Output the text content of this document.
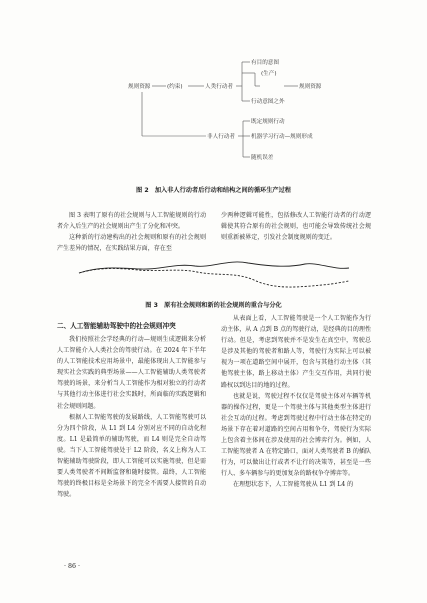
规则资源	(约束)	人类行动者
有目的意图
(生产)
规则资源
行动意图之外
非人行动者
既定规则行动
机器学习行动—规则形成
随机误差
图 2　加入非人行动者后行动和结构之间的循环生产过程

图 3 表明了原有的社会规则与人工智能规则的行动者介入后生产的社会规则出产生了分化和冲突。

这种新的行动建构出的社会规则和原有的社会规则产生差异的情况，在实践结果方面，存在至

少两种逻辑可能性，包括修改人工智能行动者的行动逻辑使其符合原有的社会规则，也可能会导致传统社会规则重新被界定，引发社会制度规则的变迁。

图 3　原有社会规则和新的社会规则的重合与分化
二、人工智能辅助驾驶中的社会规则冲突

我们按照社会学经典的行动—规则生成逻辑来分析人工智能介入人类社会的驾驶行动。在 2024 年下半年的人工智能技术应用场景中，最能体现出人工智能参与现实社会实践的典型场景——人工智能辅助人类驾驶者驾驶的场景，来分析当人工智能作为相对独立的行动者与其他行动主体进行社会实践时，所面临的实践逻辑和社会规则问题。

根据人工智能驾驶的发展路线，人工智能驾驶可以分为四个阶段，从 L1 到 L4 分别对应不同的自动化程度。L1 是最简单的辅助驾驶，而 L4 则是完全自动驾驶。当下人工智能驾驶处于 L2 阶段，名义上称为人工智能辅助驾驶阶段，即人工智能可以实施驾驶，但是需要人类驾驶者不间断监督和随时接管。最终，人工智能驾驶的终极目标是全场景下的完全不需要人接管的自动驾驶。

从表面上看，人工智能驾驶是一个人工智能作为行动主体，从 A 点到 B 点的驾驶行动，是经典的目的理性行动。但是，考虑到驾驶并不是发生在真空中，驾驶总是涉及其他的驾驶者和路人等，驾驶行为实际上可以被视为一项在道路空间中展开，包含与其他行动主体（其他驾驶主体，路上移动主体）产生交互作用，共同行使路权以到达目的地的过程。

也就是说，驾驶过程不仅仅是驾驶主体对车辆等机器的操作过程，更是一个驾驶主体与其他类型主体进行社会互动的过程。考虑到驾驶过程中行动主体在特定的场景下存在着对道路的空间占用和争夺，驾驶行为实际上包含着主体间在涉及使用的社会博弈行为。例如，人工智能驾驶者 A 在特定路口，面对人类驾驶者 B 的插队行为，可以做出让行或者不让行的决策等，甚至是一些行人、多车辆参与的更加复杂的路权争夺博弈等。

在理想状态下，人工智能驾驶从 L1 到 L4 的

· 86 ·
